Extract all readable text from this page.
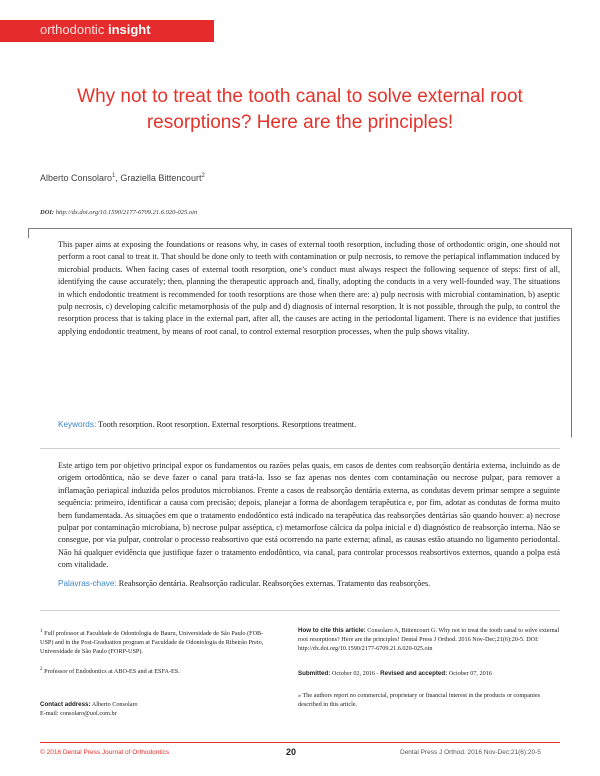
orthodontic insight
Why not to treat the tooth canal to solve external root resorptions? Here are the principles!
Alberto Consolaro$^1$, Graziella Bittencourt$^2$
DOI: http://dx.doi.org/10.1590/2177-6709.21.6.020-025.oin
This paper aims at exposing the foundations or reasons why, in cases of external tooth resorption, including those of orthodontic origin, one should not perform a root canal to treat it. That should be done only to teeth with contamination or pulp necrosis, to remove the periapical inflammation induced by microbial products. When facing cases of external tooth resorption, one’s conduct must always respect the following sequence of steps: first of all, identifying the cause accurately; then, planning the therapeutic approach and, finally, adopting the conducts in a very well-founded way. The situations in which endodontic treatment is recommended for tooth resorptions are those when there are: a) pulp necrosis with microbial contamination, b) aseptic pulp necrosis, c) developing calcific metamorphosis of the pulp and d) diagnosis of internal resorption. It is not possible, through the pulp, to control the resorption process that is taking place in the external part, after all, the causes are acting in the periodontal ligament. There is no evidence that justifies applying endodontic treatment, by means of root canal, to control external resorption processes, when the pulp shows vitality.
Keywords: Tooth resorption. Root resorption. External resorptions. Resorptions treatment.
Este artigo tem por objetivo principal expor os fundamentos ou razões pelas quais, em casos de dentes com reabsorção dentária externa, incluindo as de origem ortodôntica, não se deve fazer o canal para tratá-la. Isso se faz apenas nos dentes com contaminação ou necrose pulpar, para remover a inflamação periapical induzida pelos produtos microbianos. Frente a casos de reabsorção dentária externa, as condutas devem primar sempre a seguinte sequência: primeiro, identificar a causa com precisão; depois, planejar a forma de abordagem terapêutica e, por fim, adotar as condutas de forma muito bem fundamentada. As situações em que o tratamento endodôntico está indicado na terapêutica das reabsorções dentárias são quando houver: a) necrose pulpar por contaminação microbiana, b) necrose pulpar asséptica, c) metamorfose cálcica da polpa inicial e d) diagnóstico de reabsorção interna. Não se consegue, por via pulpar, controlar o processo reabsortivo que está ocorrendo na parte externa; afinal, as causas estão atuando no ligamento periodontal. Não há qualquer evidência que justifique fazer o tratamento endodôntico, via canal, para controlar processos reabsortivos externos, quando a polpa está com vitalidade.
Palavras-chave: Reabsorção dentária. Reabsorção radicular. Reabsorções externas. Tratamento das reabsorções.
$^1$ Full professor at Faculdade de Odontologia de Bauru, Universidade de São Paulo (FOB-USP) and in the Post-Graduation program at Faculdade de Odontologia de Ribeirão Preto, Universidade de São Paulo (FORP-USP).
$^2$ Professor of Endodontics at ABO-ES and at ESFA-ES.
Contact address: Alberto Consolaro
E-mail: consolaro@uol.com.br
How to cite this article: Consolaro A, Bittencourt G. Why not to treat the tooth canal to solve external root resorptions? Here are the principles! Dental Press J Orthod. 2016 Nov-Dec;21(6):20-5. DOI: http://dx.doi.org/10.1590/2177-6709.21.6.020-025.oin
Submitted: October 02, 2016 - Revised and accepted: October 07, 2016
» The authors report no commercial, proprietary or financial interest in the products or companies described in this article.
© 2016 Dental Press Journal of Orthodontics	20	Dental Press J Orthod. 2016 Nov-Dec;21(6):20-5
